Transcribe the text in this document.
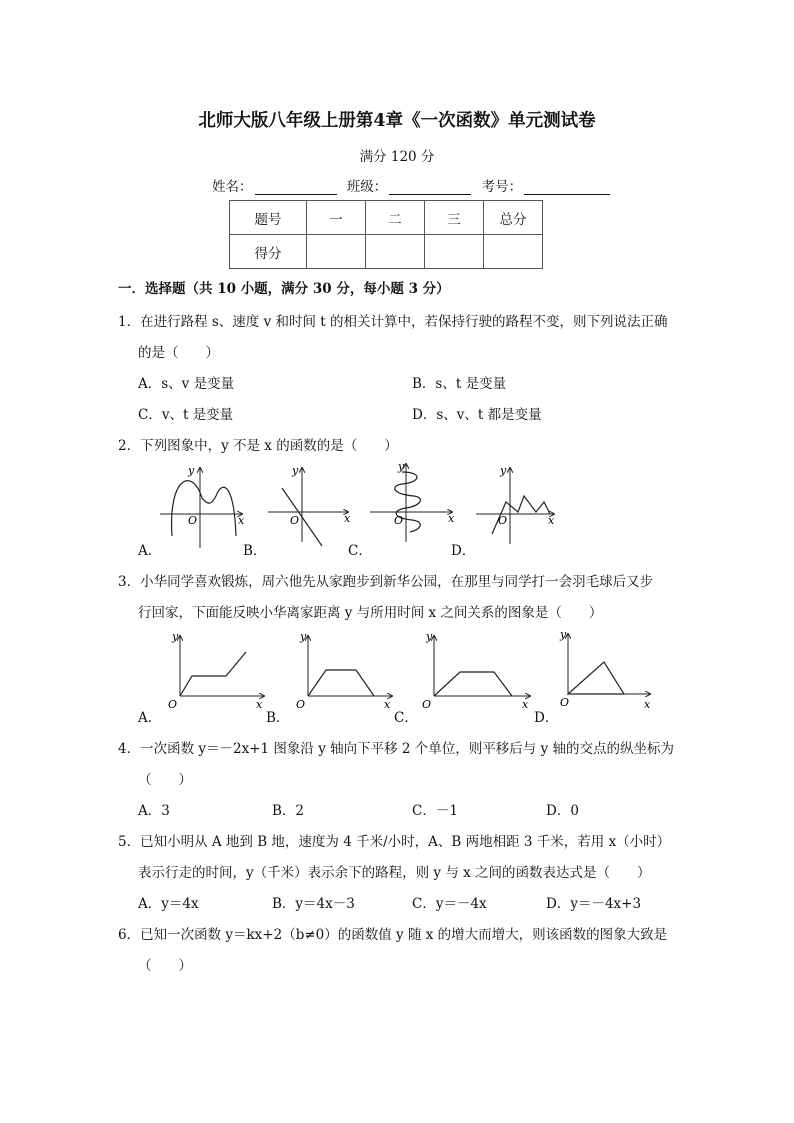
北师大版八年级上册第4章《一次函数》单元测试卷
满分 120 分
姓名：	班级：	考号：
题号	一	二	三	总分
得分				
一．选择题（共 10 小题，满分 30 分，每小题 3 分）
1．在进行路程 s、速度 v 和时间 t 的相关计算中，若保持行驶的路程不变，则下列说法正确
的是（　　）
A．s、v 是变量	B．s、t 是变量
C．v、t 是变量	D．s、v、t 都是变量
2．下列图象中，y 不是 x 的函数的是（　　）
y
x
O
y
x
O
y
x
O
y
x
O
A．	B．	C．	D．
3．小华同学喜欢锻炼，周六他先从家跑步到新华公园，在那里与同学打一会羽毛球后又步
行回家，下面能反映小华离家距离 y 与所用时间 x 之间关系的图象是（　　）
y
x
O
y
x
O
y
x
O
y
x
O
A．	B．	C．	D．
4．一次函数 y＝－2x+1 图象沿 y 轴向下平移 2 个单位，则平移后与 y 轴的交点的纵坐标为
（　　）
A．3	B．2	C．－1	D．0
5．已知小明从 A 地到 B 地，速度为 4 千米/小时，A、B 两地相距 3 千米，若用 x（小时）
表示行走的时间，y（千米）表示余下的路程，则 y 与 x 之间的函数表达式是（　　）
A．y＝4x	B．y＝4x－3	C．y＝－4x	D．y＝－4x+3
6．已知一次函数 y＝kx+2（b≠0）的函数值 y 随 x 的增大而增大，则该函数的图象大致是
（　　）
